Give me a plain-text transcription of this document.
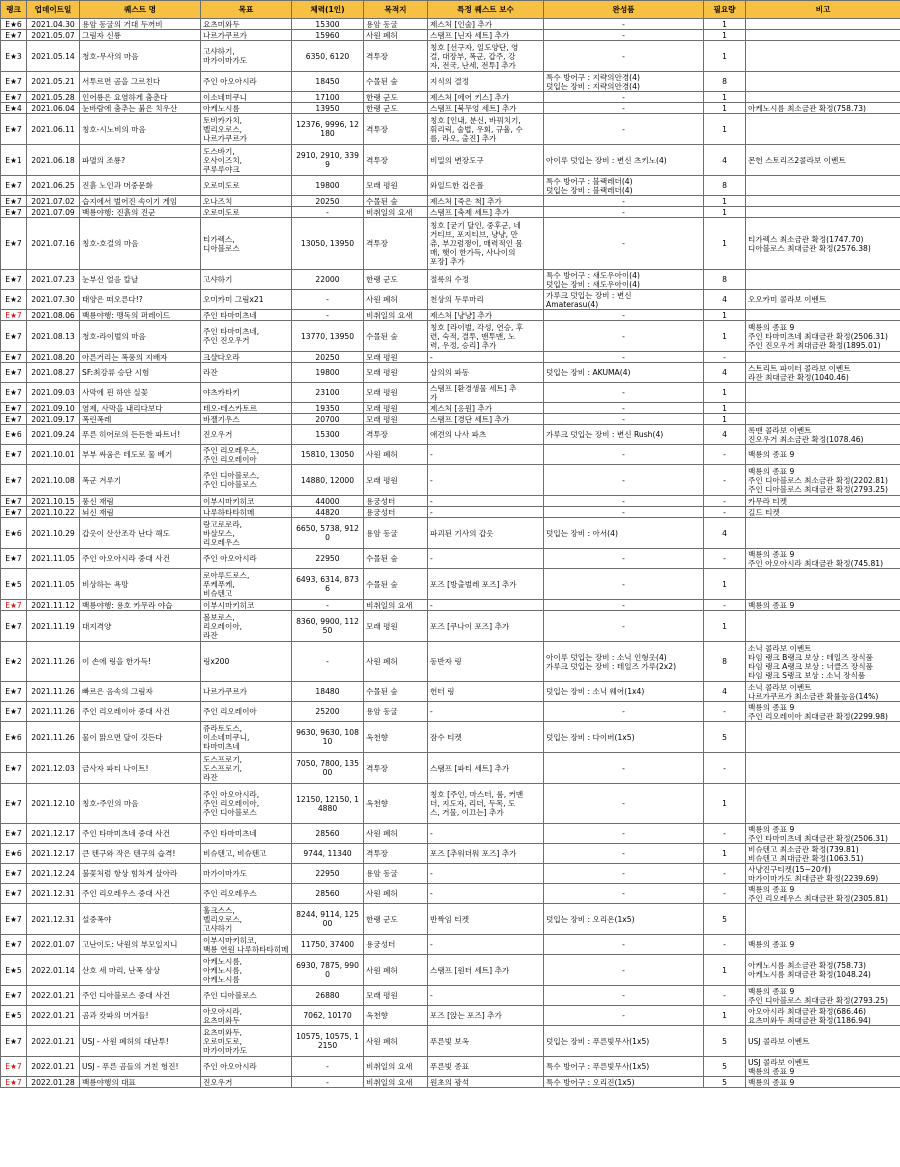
랭크	업데이트일	퀘스트 명	목표	체력(1인)	목적지	특정 퀘스트 보수	완성품	필요량	비고
E★6	2021.04.30	용암 동굴의 거대 두꺼비	요츠미와두	15300	용암 동굴	제스처 [인술] 추가	-	1	
E★7	2021.05.07	그림자 신룡	나르가쿠르가	15960	사원 폐허	스탬프 [닌자 세트] 추가	-	1	
E★3	2021.05.14	청호-무사의 마음	고샤하기,
마가이마가도	6350, 6120	격투장	칭호 [선구자, 일도양단, 영
걸, 대장부, 폭군, 갑주, 강
자, 전국, 난세, 전투] 추가	-	1	
E★7	2021.05.21	서투르면 곰을 그르친다	주인 아오아시라	18450	수몰된 숲	지식의 결정	특수 방어구 : 지략의안경(4)
덧입는 장비 : 지략의안경(4)	8	
E★7	2021.05.28	인어룡은 요염하게 춤춘다	이소네미쿠니	17100	한랭 군도	제스처 [에어 키스] 추가	-	1	
E★4	2021.06.04	눈바람에 춤추는 붉은 치우산	아케노시름	13950	한랭 군도	스탬프 [북무엉 세트] 추가	-	1	아케노시름 최소금관 확정(758.73)
E★7	2021.06.11	칭호-시노비의 마음	토비카가치,
벨리오로스,
나르가쿠르가	12376, 9996, 12180	격투장	칭호 [인내, 분신, 바꿔치기,
휘리릭, 술법, 우회, 규율, 수
를, 라오, 출진] 추가	-	1	
E★1	2021.06.18	파멸의 조룡?	도스바기,
오사이즈치,
쿠루루야크	2910, 2910, 3399	격투장	비밀의 변장도구	아이루 덧입는 장비 : 변신 츠키노(4)	4	몬헌 스토리즈2콜라보 이벤트
E★7	2021.06.25	진흙 노인과 머중문화	오로미도로	19800	모래 평원	와일드한 겁은폴	특수 방어구 : 블랙레더(4)
덧입는 장비 : 블랙레더(4)	8	
E★7	2021.07.02	습지에서 벌어진 속이기 게임	오나즈치	20250	수몰된 숲	제스처 [죽은 척] 추가	-	1	
E★7	2021.07.09	백룡야행: 진흙의 진군	오로미도로	-	비취일의 요새	스탬프 [축제 세트] 추가	-	1	
E★7	2021.07.16	칭호-호걸의 마음	티가렉스,
디아블로스	13050, 13950	격투장	칭호 [굳기 달인, 중후군, 네
거티브, 포지티브, 냥냥, 만
츄, 부끄럼쟁이, 매력적인 몸
매, 햇이 한가득, 사나이의
포장] 추가	-	1	티가렉스 최소금관 확정(1747.70)
디아블로스 최대금관 확정(2576.38)
E★7	2021.07.23	눈부신 얼음 칼날	고샤하기	22000	한랭 군도	절룩의 수정	특수 방어구 : 새도우아이(4)
덧입는 장비 : 새도우아이(4)	8	
E★2	2021.07.30	태양은 떠오른다!?	오미카미 그림x21	-	사원 폐허	천상의 두루마리	가루크 덧입는 장비 : 변신
Amaterasu(4)	4	오오카미 콜라보 이벤트
E★7	2021.08.06	백룡야행: 맹독의 퍼레이드	주인 타마미츠네	-	비취일의 요새	제스처 [냥냥] 추가	-	1	
E★7	2021.08.13	청호-라이벌의 마음	주인 타마미츠네,
주인 진오우거	13770, 13950	수몰된 숲	칭호 [라이벌, 각성, 연승, 후
련, 숙적, 결투, 맨투맨, 노
력, 우정, 승리] 추가	-	1	백룡의 종표 9
주인 타마미츠네 최대금관 확정(2506.31)
주인 진오우거 최대금관 확정(1895.01)
E★7	2021.08.20	아른거리는 폭풍의 지배자	크샬다오라	20250	모래 평원	-	-	-	
E★7	2021.08.27	SF:최강류 승단 시험	라잔	19800	모래 평원	살의의 파동	덧입는 장비 : AKUMA(4)	4	스트리트 파이터 콜라보 이벤트
라잔 최대금관 확정(1040.46)
E★7	2021.09.03	사막에 핀 하얀 실꽃	야츠카타키	23100	모래 평원	스탬프 [환경생물 세트] 추
가	-	1	
E★7	2021.09.10	염제, 사막을 내리다보다	테오-테스카토르	19350	모래 평원	제스처 [응원] 추가	-	1	
E★7	2021.09.17	폭린폭레	바젤기우스	20700	모래 평원	스탬프 [경단 세트] 추가	-	1	
E★6	2021.09.24	푸른 히어로의 든든한 파트너!	진오우거	15300	격투장	애견의 나사 파츠	가루크 덧입는 장비 : 변신 Rush(4)	4	록맨 콜라보 이벤트
진오우거 최소금관 확정(1078.46)
E★7	2021.10.01	부부 싸움은 테도로 물 베기	주인 리오레우스,
주인 리오레이아	15810, 13050	사원 폐허	-	-	-	백룡의 종표 9
E★7	2021.10.08	폭군 겨루기	주인 디아블로스,
주인 디아블로스	14880, 12000	모래 평원	-	-	-	백룡의 종표 9
주인 디아블로스 최소금관 확정(2202.81)
주인 디아블로스 최대금관 확정(2793.25)
E★7	2021.10.15	풍신 재림	이부시마키히코	44000	용궁성터	-	-	-	카무라 티켓
E★7	2021.10.22	뇌신 재림	나루하타타히메	44820	용궁성터	-	-	-	길드 티켓
E★6	2021.10.29	갑옷이 산산조각 난다 해도	랑고로로라,
바살모스,
리오레우스	6650, 5738, 9120	용암 동굴	파괴된 기사의 갑옷	덧입는 장비 : 아서(4)	4	
E★7	2021.11.05	주인 아오아시라 중대 사건	주인 아오아시라	22950	수몰된 숲	-	-	-	백룡의 종표 9
주인 아오아시라 최대금관 확정(745.81)
E★5	2021.11.05	비상하는 욕망	로아루드로스,
푸케푸케,
비슈텐고	6493, 6314, 8736	수몰된 숲	포즈 [방출벌레 포즈] 추가	-	1	
E★7	2021.11.12	백룡야행: 용호 카무라 야습	이부시마키히코	-	비취일의 요새	-	-	-	백룡의 종표 9
E★7	2021.11.19	대지격양	볼보로스,
리오레이아,
라잔	8360, 9900, 11250	모래 평원	포즈 [쿠나이 포즈] 추가	-	1	
E★2	2021.11.26	이 손에 링을 한가득!	링x200	-	사원 폐허	동반자 링	아이루 덧입는 장비 : 소닉 인형옷(4)
가루크 덧입는 장비 : 테일즈 가루(2x2)	8	소닉 콜라보 이벤트
타임 랭크 B랭크 보상 : 테일즈 장식품
타임 랭크 A랭크 보상 : 너클즈 장식품
타임 랭크 S랭크 보상 : 소닉 장식품
E★7	2021.11.26	빠르은 음속의 그림자	나르가쿠르가	18480	수몰된 숲	헌터 링	덧입는 장비 : 소닉 웨어(1x4)	4	소닉 콜라보 이벤트
나르가쿠르가 최소금관 확률높음(14%)
E★7	2021.11.26	주인 리오레이아 중대 사건	주인 리오레이아	25200	용암 동굴	-	-	-	백룡의 종표 9
주인 리오레이아 최대금관 확정(2299.98)
E★6	2021.11.26	물이 맑으면 달이 깃든다	쥬라토도스,
이소네미쿠니,
타마미츠네	9630, 9630, 10810	옥천향	잠수 티켓	덧입는 장비 : 다이버(1x5)	5	
E★7	2021.12.03	금사자 파티 나이트!	도스프로기,
도스프로기,
라잔	7050, 7800, 13500	격투장	스탬프 [파티 세트] 추가	-	-	
E★7	2021.12.10	칭호-주인의 마음	주인 아오아시라,
주인 리오레이아,
주인 디아블로스	12150, 12150, 14880	옥천향	칭호 [주인, 마스터, 룸, 커맨
더, 지도자, 리더, 두목, 도
스, 거물, 이끄는] 추가	-	1	
E★7	2021.12.17	주인 타마미츠네 중대 사건	주인 타마미츠네	28560	사원 폐허	-	-	-	백룡의 종표 9
주인 타마미츠네 최대금관 확정(2506.31)
E★6	2021.12.17	큰 텐구와 작은 텐구의 습격!	비슈텐고, 비슈텐고	9744, 11340	격투장	포즈 [추워더워 포즈] 추가	-	1	비슈텐고 최소금관 확정(739.81)
비슈텐고 최대금관 확정(1063.51)
E★7	2021.12.24	불꽃처럼 항상 힘차게 살아라	마가이마가도	22950	용암 동굴	-	-	-	사냥진구티켓(15~20개)
마가이마가도 최대금관 확정(2239.69)
E★7	2021.12.31	주인 리오레우스 중대 사건	주인 리오레우스	28560	사원 폐허	-	-	-	백룡의 종표 9
주인 리오레우스 최대금관 확정(2305.81)
E★7	2021.12.31	설중폭야	훌크스스,
벨리오로스,
고샤하기	8244, 9114, 12500	한랭 군도	반짝임 티켓	덧입는 장비 : 오리온(1x5)	5	
E★7	2022.01.07	고난이도: 낙원의 부모일지니	이부시마키히코,
백룡 연원 나루하타타히메	11750, 37400	용궁성터	-	-	-	백룡의 종표 9
E★5	2022.01.14	산호 세 마리, 난폭 삼상	아케노시름,
아케노시름,
아케노시름	6930, 7875, 9900	사원 폐허	스탬프 [원터 세트] 추가	-	1	아케노시름 최소금관 확정(758.73)
아케노시름 최대금관 확정(1048.24)
E★7	2022.01.21	주인 디아블로스 중대 사건	주인 디아블로스	26880	모래 평원	-	-	-	백룡의 종표 9
주인 디아블로스 최대금관 확정(2793.25)
E★5	2022.01.21	곰과 캇파의 머겨들!	아오아시라,
요츠미와두	7062, 10170	옥천향	포즈 [앉는 포즈] 추가	-	1	아오아시라 최대금관 확정(686.46)
요츠미와두 최대금관 확정(1186.94)
E★7	2022.01.21	USJ - 사원 폐허의 대난투!	요츠미와두,
오로미도로,
마가이마가도	10575, 10575, 12150	사원 폐허	푸른빛 보옥	덧입는 장비 : 푸른빛무사(1x5)	5	USJ 콜라보 이벤트
E★7	2022.01.21	USJ - 푸른 곰들의 거친 헝진!	주인 아오아시라	-	비취일의 요새	푸른빛 종표	특수 방어구 : 푸른빛무사(1x5)	5	USJ 콜라보 이벤트
백룡의 종표 9
E★7	2022.01.28	백룡야행의 대표	진오우거	-	비취일의 요새	원초의 광석	특수 방어구 : 오리진(1x5)	5	백룡의 종표 9
